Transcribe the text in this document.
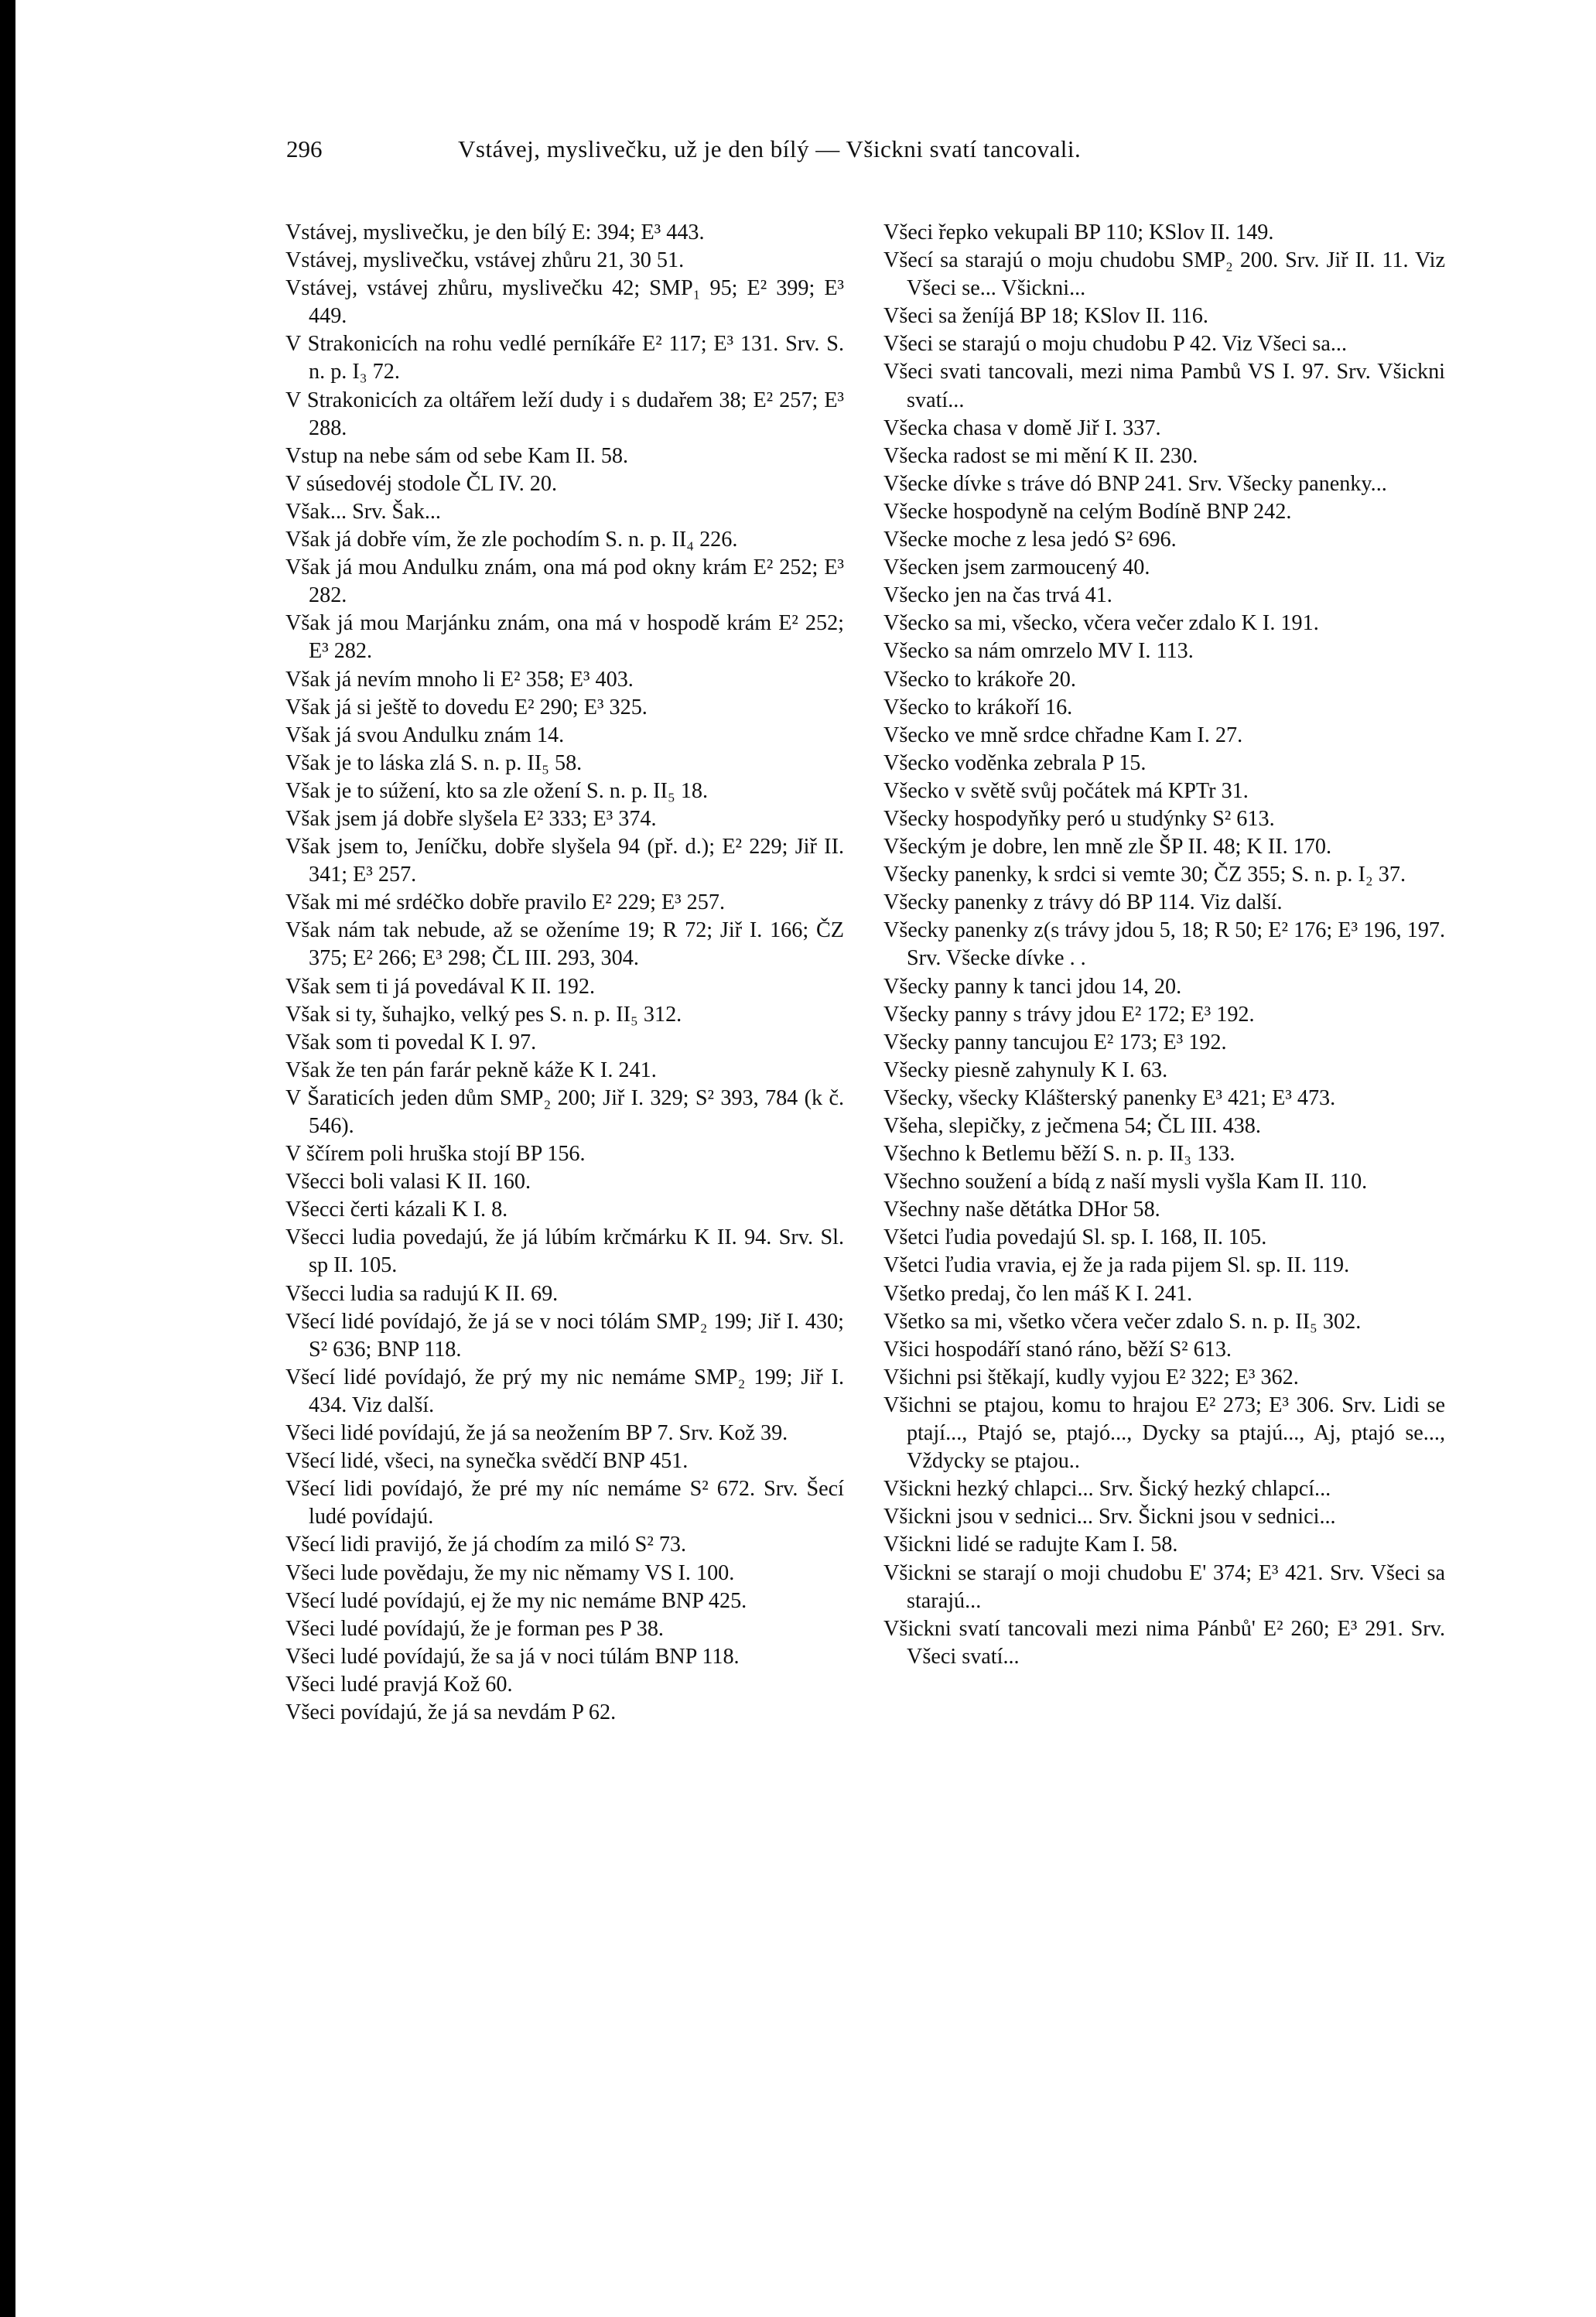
296	Vstávej, myslivečku, už je den bílý — Všickni svatí tancovali.

Vstávej, myslivečku, je den bílý E: 394; E³ 443.

Vstávej, myslivečku, vstávej zhůru 21, 30 51.

Vstávej, vstávej zhůru, myslivečku 42; SMP₁ 95; E² 399; E³ 449.

V Strakonicích na rohu vedlé perníkáře E² 117; E³ 131. Srv. S. n. p. I₃ 72.

V Strakonicích za oltářem leží dudy i s dudařem 38; E² 257; E³ 288.

Vstup na nebe sám od sebe Kam II. 58.

V súsedovéj stodole ČL IV. 20.

Však... Srv. Šak...

Však já dobře vím, že zle pochodím S. n. p. II₄ 226.

Však já mou Andulku znám, ona má pod okny krám E² 252; E³ 282.

Však já mou Marjánku znám, ona má v hospodě krám E² 252; E³ 282.

Však já nevím mnoho li E² 358; E³ 403.

Však já si ještě to dovedu E² 290; E³ 325.

Však já svou Andulku znám 14.

Však je to láska zlá S. n. p. II₅ 58.

Však je to súžení, kto sa zle ožení S. n. p. II₅ 18.

Však jsem já dobře slyšela E² 333; E³ 374.

Však jsem to, Jeníčku, dobře slyšela 94 (př. d.); E² 229; Jiř II. 341; E³ 257.

Však mi mé srdéčko dobře pravilo E² 229; E³ 257.

Však nám tak nebude, až se oženíme 19; R 72; Jiř I. 166; ČZ 375; E² 266; E³ 298; ČL III. 293, 304.

Však sem ti já povedával K II. 192.

Však si ty, šuhajko, velký pes S. n. p. II₅ 312.

Však som ti povedal K I. 97.

Však že ten pán farár pekně káže K I. 241.

V Šaraticích jeden dům SMP₂ 200; Jiř I. 329; S² 393, 784 (k č. 546).

V ščírem poli hruška stojí BP 156.

Všecci boli valasi K II. 160.

Všecci čerti kázali K I. 8.

Všecci ludia povedajú, že já lúbím krčmárku K II. 94. Srv. Sl. sp II. 105.

Všecci ludia sa radujú K II. 69.

Všecí lidé povídajó, že já se v noci tólám SMP₂ 199; Jiř I. 430; S² 636; BNP 118.

Všecí lidé povídajó, že prý my nic nemáme SMP₂ 199; Jiř I. 434. Viz další.

Všeci lidé povídajú, že já sa neožením BP 7. Srv. Kož 39.

Všecí lidé, všeci, na synečka svědčí BNP 451.

Všecí lidi povídajó, že pré my níc nemáme S² 672. Srv. Šecí ludé povídajú.

Všecí lidi pravijó, že já chodím za miló S² 73.

Všeci lude povědaju, že my nic němamy VS I. 100.

Všecí ludé povídajú, ej že my nic nemáme BNP 425.

Všeci ludé povídajú, že je forman pes P 38.

Všeci ludé povídajú, že sa já v noci túlám BNP 118.

Všeci ludé pravjá Kož 60.

Všeci povídajú, že já sa nevdám P 62.

Všeci řepko vekupali BP 110; KSlov II. 149.

Všecí sa starajú o moju chudobu SMP₂ 200. Srv. Jiř II. 11. Viz Všeci se... Všickni...

Všeci sa ženíjá BP 18; KSlov II. 116.

Všeci se starajú o moju chudobu P 42. Viz Všeci sa...

Všeci svati tancovali, mezi nima Pambů VS I. 97. Srv. Všickni svatí...

Všecka chasa v domě Jiř I. 337.

Všecka radost se mi mění K II. 230.

Všecke dívke s tráve dó BNP 241. Srv. Všecky panenky...

Všecke hospodyně na celým Bodíně BNP 242.

Všecke moche z lesa jedó S² 696.

Všecken jsem zarmoucený 40.

Všecko jen na čas trvá 41.

Všecko sa mi, všecko, včera večer zdalo K I. 191.

Všecko sa nám omrzelo MV I. 113.

Všecko to krákoře 20.

Všecko to krákoří 16.

Všecko ve mně srdce chřadne Kam I. 27.

Všecko voděnka zebrala P 15.

Všecko v světě svůj počátek má KPTr 31.

Všecky hospodyňky peró u studýnky S² 613.

Všeckým je dobre, len mně zle ŠP II. 48; K II. 170.

Všecky panenky, k srdci si vemte 30; ČZ 355; S. n. p. I₂ 37.

Všecky panenky z trávy dó BP 114. Viz další.

Všecky panenky z(s trávy jdou 5, 18; R 50; E² 176; E³ 196, 197. Srv. Všecke dívke . .

Všecky panny k tanci jdou 14, 20.

Všecky panny s trávy jdou E² 172; E³ 192.

Všecky panny tancujou E² 173; E³ 192.

Všecky piesně zahynuly K I. 63.

Všecky, všecky Klášterský panenky E³ 421; E³ 473.

Všeha, slepičky, z ječmena 54; ČL III. 438.

Všechno k Betlemu běží S. n. p. II₃ 133.

Všechno soužení a bídą z naší mysli vyšla Kam II. 110.

Všechny naše dětátka DHor 58.

Všetci ľudia povedajú Sl. sp. I. 168, II. 105.

Všetci ľudia vravia, ej že ja rada pijem Sl. sp. II. 119.

Všetko predaj, čo len máš K I. 241.

Všetko sa mi, všetko včera večer zdalo S. n. p. II₅ 302.

Všici hospodáří stanó ráno, běží S² 613.

Všichni psi štěkají, kudly vyjou E² 322; E³ 362.

Všichni se ptajou, komu to hrajou E² 273; E³ 306. Srv. Lidi se ptají..., Ptajó se, ptajó..., Dycky sa ptajú..., Aj, ptajó se..., Vždycky se ptajou..

Všickni hezký chlapci... Srv. Šický hezký chlapcí...

Všickni jsou v sednici... Srv. Šickni jsou v sednici...

Všickni lidé se radujte Kam I. 58.

Všickni se starají o moji chudobu E' 374; E³ 421. Srv. Všeci sa starajú...

Všickni svatí tancovali mezi nima Pánbů' E² 260; E³ 291. Srv. Všeci svatí...
